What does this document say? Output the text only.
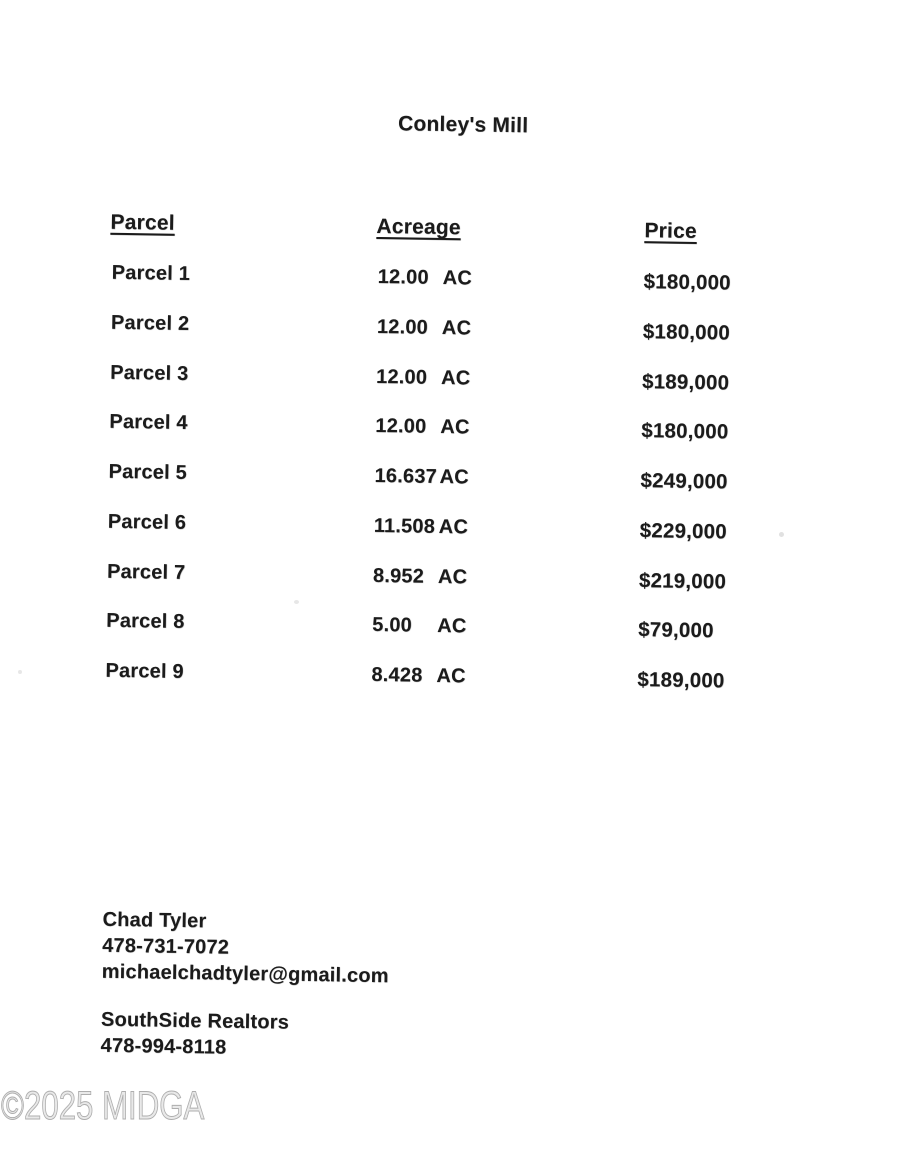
Conley's Mill
Parcel	Acreage	Price
Parcel 1	12.00 AC	$180,000
Parcel 2	12.00 AC	$180,000
Parcel 3	12.00 AC	$189,000
Parcel 4	12.00 AC	$180,000
Parcel 5	16.637 AC	$249,000
Parcel 6	11.508 AC	$229,000
Parcel 7	8.952 AC	$219,000
Parcel 8	5.00 AC	$79,000
Parcel 9	8.428 AC	$189,000
Chad Tyler
478-731-7072
michaelchadtyler@gmail.com
SouthSide Realtors
478-994-8118
©2025 MIDGA
